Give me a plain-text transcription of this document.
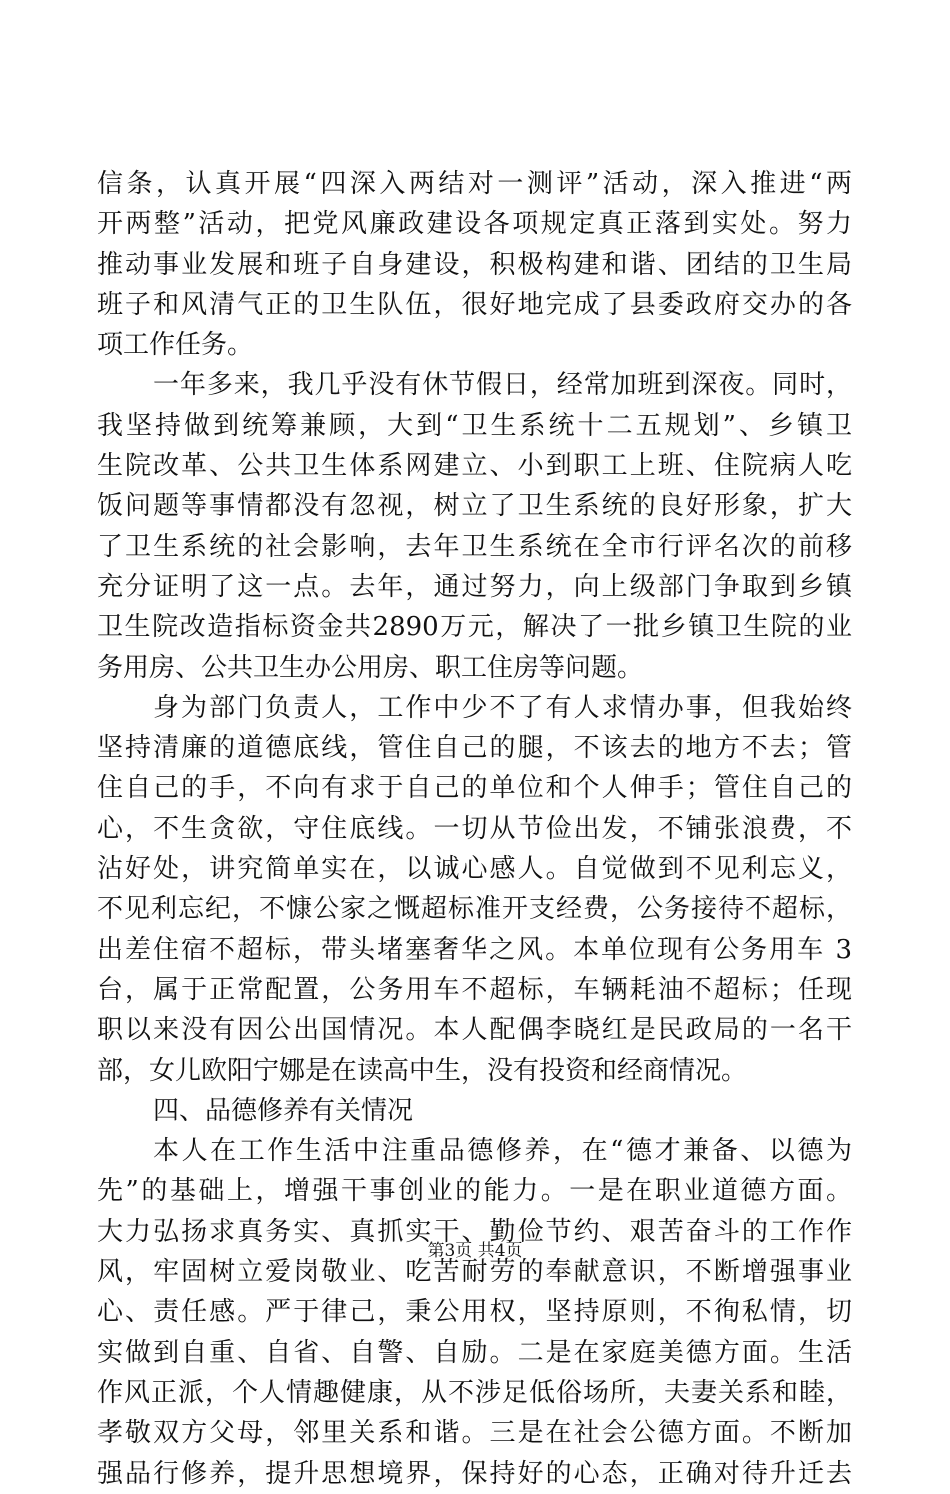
信条，认真开展“四深入两结对一测评”活动，深入推进“两
开两整”活动，把党风廉政建设各项规定真正落到实处。努力
推动事业发展和班子自身建设，积极构建和谐、团结的卫生局
班子和风清气正的卫生队伍，很好地完成了县委政府交办的各
项工作任务。
一年多来，我几乎没有休节假日，经常加班到深夜。同时，
我坚持做到统筹兼顾，大到“卫生系统十二五规划”、乡镇卫
生院改革、公共卫生体系网建立、小到职工上班、住院病人吃
饭问题等事情都没有忽视，树立了卫生系统的良好形象，扩大
了卫生系统的社会影响，去年卫生系统在全市行评名次的前移
充分证明了这一点。去年，通过努力，向上级部门争取到乡镇
卫生院改造指标资金共2890万元，解决了一批乡镇卫生院的业
务用房、公共卫生办公用房、职工住房等问题。
身为部门负责人，工作中少不了有人求情办事，但我始终
坚持清廉的道德底线，管住自己的腿，不该去的地方不去；管
住自己的手，不向有求于自己的单位和个人伸手；管住自己的
心，不生贪欲，守住底线。一切从节俭出发，不铺张浪费，不
沾好处，讲究简单实在，以诚心感人。自觉做到不见利忘义，
不见利忘纪，不慷公家之慨超标准开支经费，公务接待不超标，
出差住宿不超标，带头堵塞奢华之风。本单位现有公务用车 3
台，属于正常配置，公务用车不超标，车辆耗油不超标；任现
职以来没有因公出国情况。本人配偶李晓红是民政局的一名干
部，女儿欧阳宁娜是在读高中生，没有投资和经商情况。
四、品德修养有关情况
本人在工作生活中注重品德修养，在“德才兼备、以德为
先”的基础上，增强干事创业的能力。一是在职业道德方面。
大力弘扬求真务实、真抓实干、勤俭节约、艰苦奋斗的工作作
风，牢固树立爱岗敬业、吃苦耐劳的奉献意识，不断增强事业
心、责任感。严于律己，秉公用权，坚持原则，不徇私情，切
实做到自重、自省、自警、自励。二是在家庭美德方面。生活
作风正派，个人情趣健康，从不涉足低俗场所，夫妻关系和睦，
孝敬双方父母，邻里关系和谐。三是在社会公德方面。不断加
强品行修养，提升思想境界，保持好的心态，正确对待升迁去
第3页 共4页
